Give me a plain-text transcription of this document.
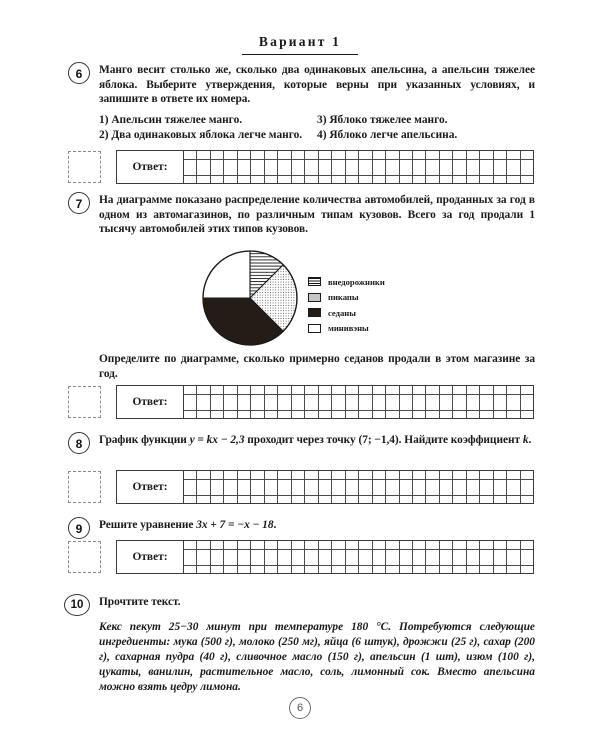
Вариант 1
6	Манго весит столько же, сколько два одинаковых апельсина, а апельсин тяжелее яблока. Выберите утверждения, которые верны при указанных условиях, и запишите в ответе их номера.

1) Апельсин тяжелее манго.	3) Яблоко тяжелее манго.
2) Два одинаковых яблока легче манго.	4) Яблоко легче апельсина.
Ответ:
7	На диаграмме показано распределение количества автомобилей, проданных за год в одном из автомагазинов, по различным типам кузовов. Всего за год продали 1 тысячу автомобилей этих типов кузовов.

внедорожники
пикапы
седаны
минивэны

Определите по диаграмме, сколько примерно седанов продали в этом магазине за год.

Ответ:
8	График функции y = kx − 2,3 проходит через точку (7; −1,4). Найдите коэффициент k.

Ответ:
9	Решите уравнение 3x + 7 = −x − 18.

Ответ:
10	Прочтите текст.

Кекс пекут 25−30 минут при температуре 180 °C. Потребуются следующие ингредиенты: мука (500 г), молоко (250 мг), яйца (6 штук), дрожжи (25 г), сахар (200 г), сахарная пудра (40 г), сливочное масло (150 г), апельсин (1 шт), изюм (100 г), цукаты, ванилин, растительное масло, соль, лимонный сок. Вместо апельсина можно взять цедру лимона.

6
